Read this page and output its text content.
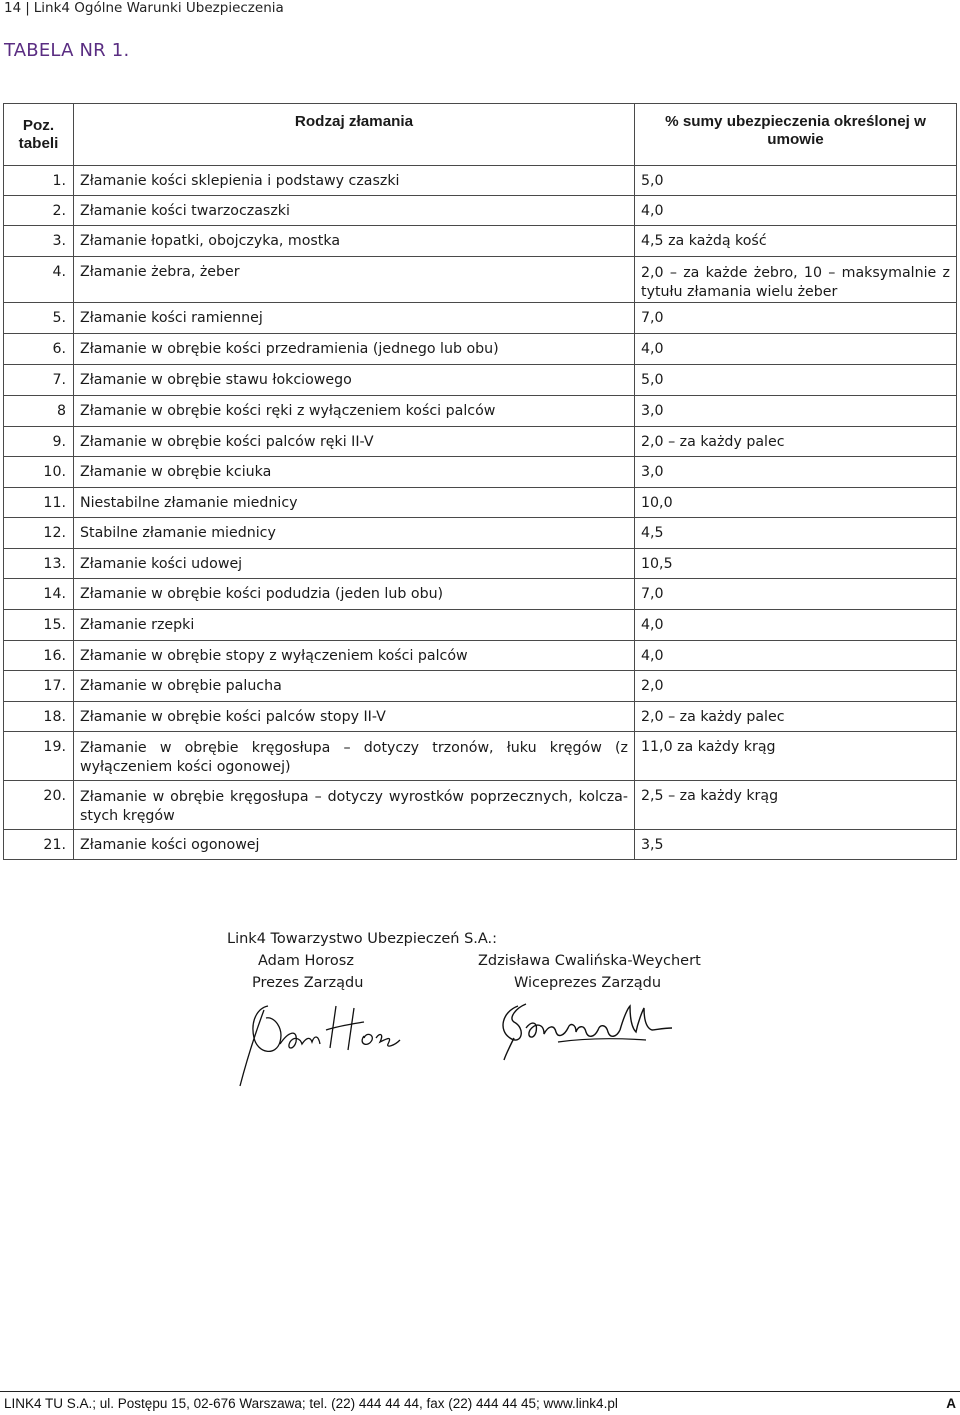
14 | Link4 Ogólne Warunki Ubezpieczenia
TABELA NR 1.
Poz. tabeli	Rodzaj złamania	% sumy ubezpieczenia określonej w umowie
1.	Złamanie kości sklepienia i podstawy czaszki	5,0
2.	Złamanie kości twarzoczaszki	4,0
3.	Złamanie łopatki, obojczyka, mostka	4,5 za każdą kość
4.	Złamanie żebra, żeber	2,0 – za każde żebro, 10 – maksymalnie z tytułu złamania wielu żeber
5.	Złamanie kości ramiennej	7,0
6.	Złamanie w obrębie kości przedramienia (jednego lub obu)	4,0
7.	Złamanie w obrębie stawu łokciowego	5,0
8	Złamanie w obrębie kości ręki z wyłączeniem kości palców	3,0
9.	Złamanie w obrębie kości palców ręki II-V	2,0 – za każdy palec
10.	Złamanie w obrębie kciuka	3,0
11.	Niestabilne złamanie miednicy	10,0
12.	Stabilne złamanie miednicy	4,5
13.	Złamanie kości udowej	10,5
14.	Złamanie w obrębie kości podudzia (jeden lub obu)	7,0
15.	Złamanie rzepki	4,0
16.	Złamanie w obrębie stopy z wyłączeniem kości palców	4,0
17.	Złamanie w obrębie palucha	2,0
18.	Złamanie w obrębie kości palców stopy II-V	2,0 – za każdy palec
19.	Złamanie w obrębie kręgosłupa – dotyczy trzonów, łuku kręgów (z wyłączeniem kości ogonowej)	11,0 za każdy krąg
20.	Złamanie w obrębie kręgosłupa – dotyczy wyrostków poprzecznych, kolczastych kręgów	2,5 – za każdy krąg
21.	Złamanie kości ogonowej	3,5
Link4 Towarzystwo Ubezpieczeń S.A.:
Adam Horosz	Zdzisława Cwalińska-Weychert
Prezes Zarządu	Wiceprezes Zarządu
LINK4 TU S.A.; ul. Postępu 15, 02-676 Warszawa; tel. (22) 444 44 44, fax (22) 444 44 45; www.link4.pl	A
